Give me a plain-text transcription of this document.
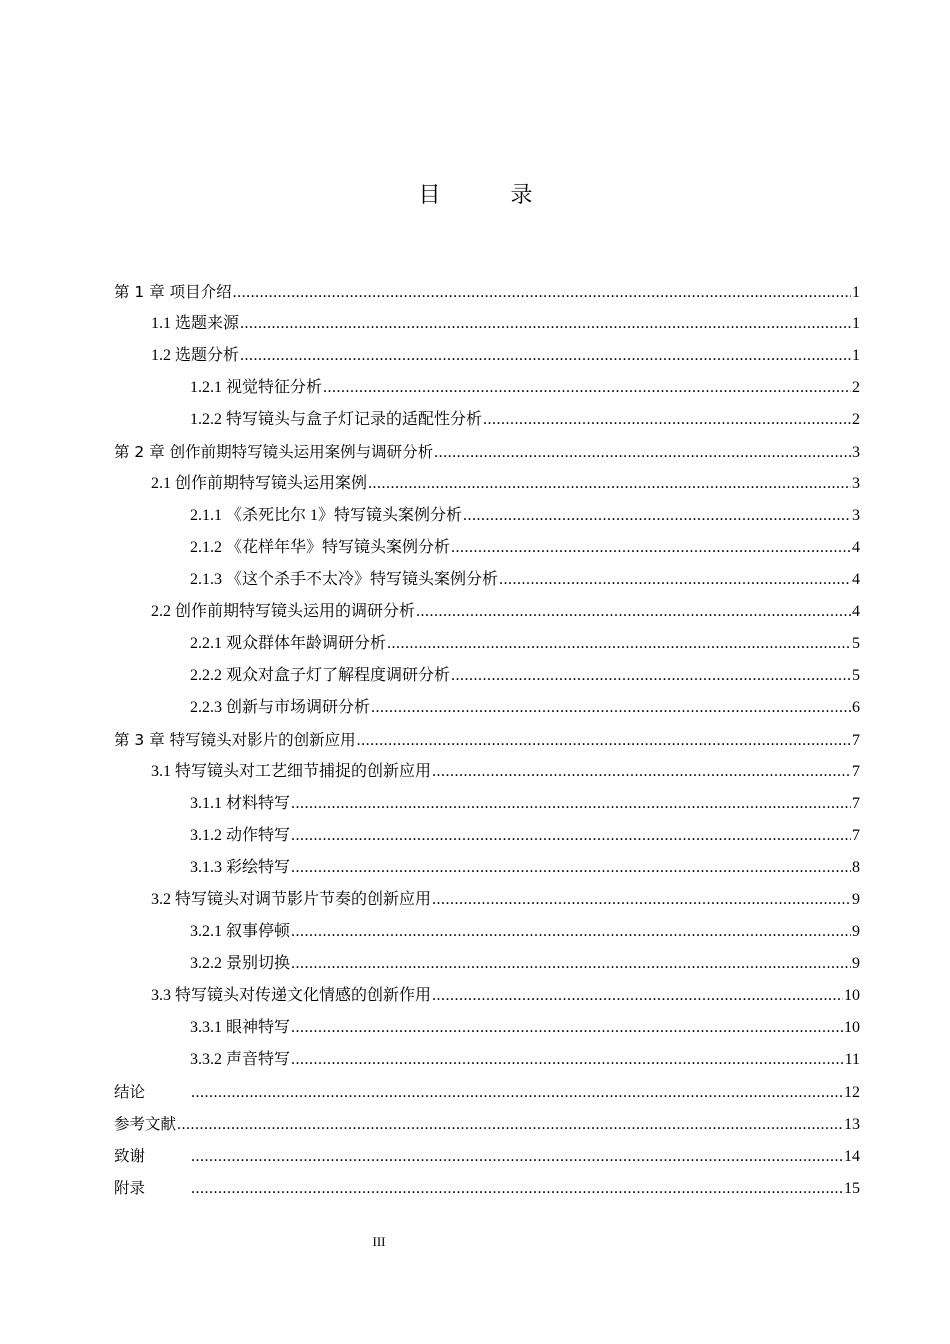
目　录
第 1 章 项目介绍 .....	1
1.1 选题来源 .....	1
1.2 选题分析 .....	1
1.2.1 视觉特征分析 .....	2
1.2.2 特写镜头与盒子灯记录的适配性分析 .....	2
第 2 章 创作前期特写镜头运用案例与调研分析 .....	3
2.1 创作前期特写镜头运用案例 .....	3
2.1.1 《杀死比尔 1》特写镜头案例分析 .....	3
2.1.2 《花样年华》特写镜头案例分析 .....	4
2.1.3 《这个杀手不太冷》特写镜头案例分析 .....	4
2.2 创作前期特写镜头运用的调研分析 .....	4
2.2.1 观众群体年龄调研分析 .....	5
2.2.2 观众对盒子灯了解程度调研分析 .....	5
2.2.3 创新与市场调研分析 .....	6
第 3 章 特写镜头对影片的创新应用 .....	7
3.1 特写镜头对工艺细节捕捉的创新应用 .....	7
3.1.1 材料特写 .....	7
3.1.2 动作特写 .....	7
3.1.3 彩绘特写 .....	8
3.2 特写镜头对调节影片节奏的创新应用 .....	9
3.2.1 叙事停顿 .....	9
3.2.2 景别切换 .....	9
3.3 特写镜头对传递文化情感的创新作用 .....	10
3.3.1 眼神特写 .....	10
3.3.2 声音特写 .....	11
结论 .....	12
参考文献 .....	13
致谢 .....	14
附录 .....	15
III
